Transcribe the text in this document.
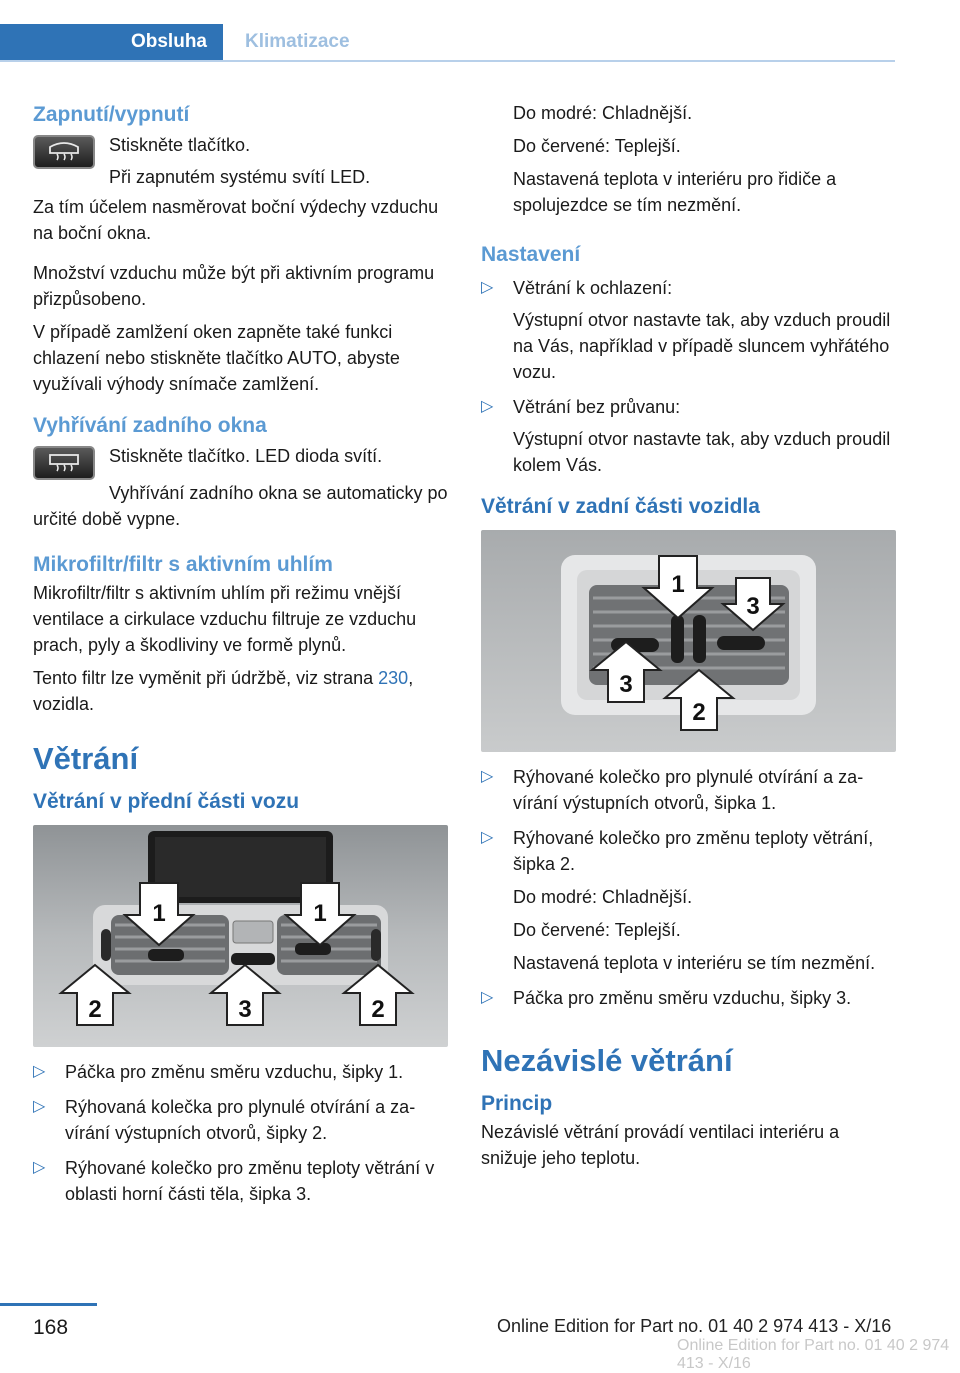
Obsluha	Klimatizace
Zapnutí/vypnutí

Stiskněte tlačítko.

Při zapnutém systému svítí LED.

Za tím účelem nasměrovat boční výdechy vzduchu na boční okna.

Množství vzduchu může být při aktivním programu přizpůsobeno.

V případě zamlžení oken zapněte také funkci chlazení nebo stiskněte tlačítko AUTO, abyste využívali výhody snímače zamlžení.

Vyhřívání zadního okna

Stiskněte tlačítko. LED dioda svítí.

Vyhřívání zadního okna se automaticky po určité době vypne.

Mikrofiltr/filtr s aktivním uhlím

Mikrofiltr/filtr s aktivním uhlím při režimu vnější ventilace a cirkulace vzduchu filtruje ze vzduchu prach, pyly a škodliviny ve formě plynů.

Tento filtr lze vyměnit při údržbě, viz strana 230, vozidla.

Větrání
Větrání v přední části vozu
1	1
2	3	2
▷ Páčka pro změnu směru vzduchu, šipky 1.
▷ Rýhovaná kolečka pro plynulé otvírání a zavírání výstupních otvorů, šipky 2.
▷ Rýhované kolečko pro změnu teploty větrání v oblasti horní části těla, šipka 3.

Do modré: Chladnější.

Do červené: Teplejší.

Nastavená teplota v interiéru pro řidiče a spolujezdce se tím nezmění.

Nastavení
▷ Větrání k ochlazení:
Výstupní otvor nastavte tak, aby vzduch proudil na Vás, například v případě sluncem vyhřátého vozu.
▷ Větrání bez průvanu:
Výstupní otvor nastavte tak, aby vzduch proudil kolem Vás.
Větrání v zadní části vozidla
1
3
3
2
▷ Rýhované kolečko pro plynulé otvírání a zavírání výstupních otvorů, šipka 1.
▷ Rýhované kolečko pro změnu teploty větrání, šipka 2.
Do modré: Chladnější.
Do červené: Teplejší.
Nastavená teplota v interiéru se tím nezmění.
▷ Páčka pro změnu směru vzduchu, šipky 3.
Nezávislé větrání
Princip

Nezávislé větrání provádí ventilaci interiéru a snižuje jeho teplotu.

168	Online Edition for Part no. 01 40 2 974 413 - X/16
Online Edition for Part no. 01 40 2 974 413 - X/16
